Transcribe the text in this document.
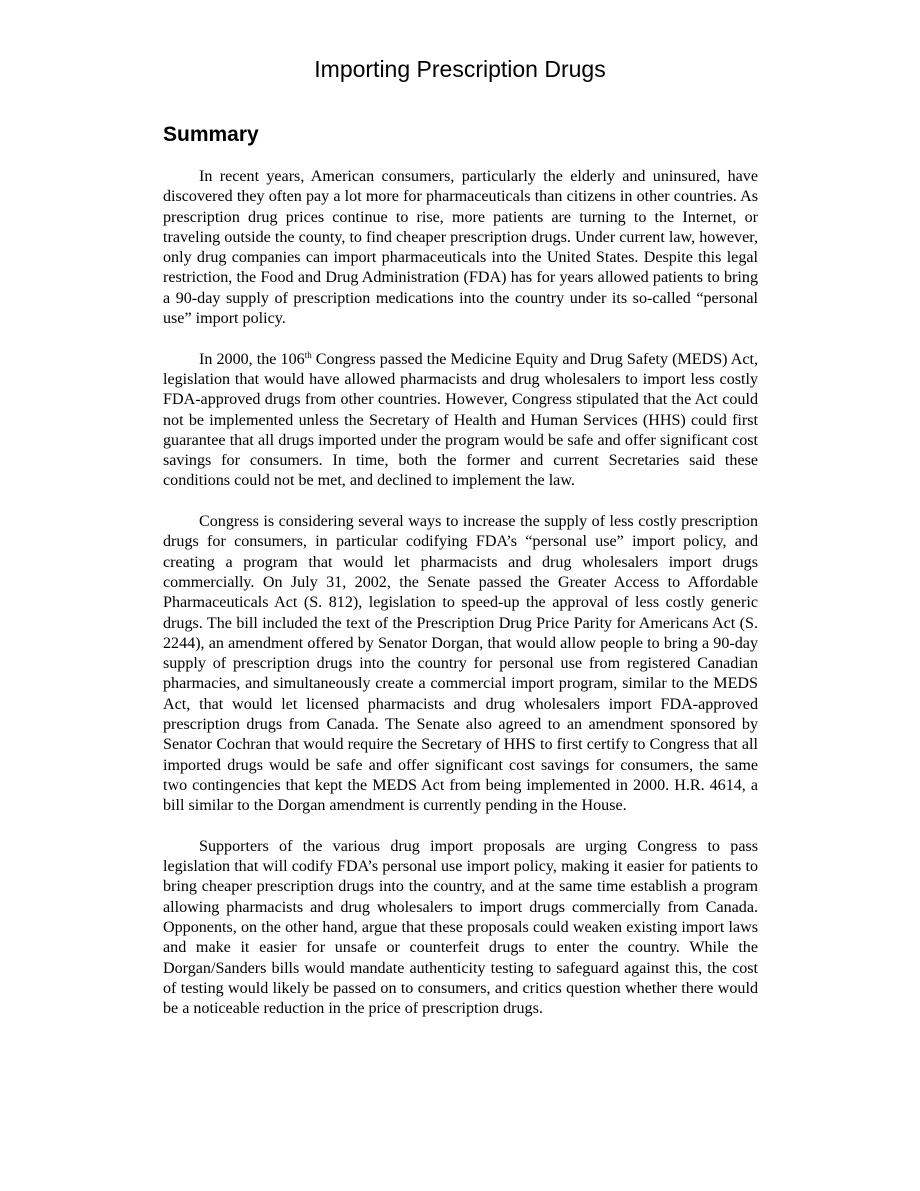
Importing Prescription Drugs
Summary

In recent years, American consumers, particularly the elderly and uninsured, have discovered they often pay a lot more for pharmaceuticals than citizens in other countries. As prescription drug prices continue to rise, more patients are turning to the Internet, or traveling outside the county, to find cheaper prescription drugs. Under current law, however, only drug companies can import pharmaceuticals into the United States. Despite this legal restriction, the Food and Drug Administration (FDA) has for years allowed patients to bring a 90-day supply of prescription medications into the country under its so-called “personal use” import policy.

In 2000, the 106th Congress passed the Medicine Equity and Drug Safety (MEDS) Act, legislation that would have allowed pharmacists and drug wholesalers to import less costly FDA-approved drugs from other countries. However, Congress stipulated that the Act could not be implemented unless the Secretary of Health and Human Services (HHS) could first guarantee that all drugs imported under the program would be safe and offer significant cost savings for consumers. In time, both the former and current Secretaries said these conditions could not be met, and declined to implement the law.

Congress is considering several ways to increase the supply of less costly prescription drugs for consumers, in particular codifying FDA’s “personal use” import policy, and creating a program that would let pharmacists and drug wholesalers import drugs commercially. On July 31, 2002, the Senate passed the Greater Access to Affordable Pharmaceuticals Act (S. 812), legislation to speed-up the approval of less costly generic drugs. The bill included the text of the Prescription Drug Price Parity for Americans Act (S. 2244), an amendment offered by Senator Dorgan, that would allow people to bring a 90-day supply of prescription drugs into the country for personal use from registered Canadian pharmacies, and simultaneously create a commercial import program, similar to the MEDS Act, that would let licensed pharmacists and drug wholesalers import FDA-approved prescription drugs from Canada. The Senate also agreed to an amendment sponsored by Senator Cochran that would require the Secretary of HHS to first certify to Congress that all imported drugs would be safe and offer significant cost savings for consumers, the same two contingencies that kept the MEDS Act from being implemented in 2000. H.R. 4614, a bill similar to the Dorgan amendment is currently pending in the House.

Supporters of the various drug import proposals are urging Congress to pass legislation that will codify FDA’s personal use import policy, making it easier for patients to bring cheaper prescription drugs into the country, and at the same time establish a program allowing pharmacists and drug wholesalers to import drugs commercially from Canada. Opponents, on the other hand, argue that these proposals could weaken existing import laws and make it easier for unsafe or counterfeit drugs to enter the country. While the Dorgan/Sanders bills would mandate authenticity testing to safeguard against this, the cost of testing would likely be passed on to consumers, and critics question whether there would be a noticeable reduction in the price of prescription drugs.
